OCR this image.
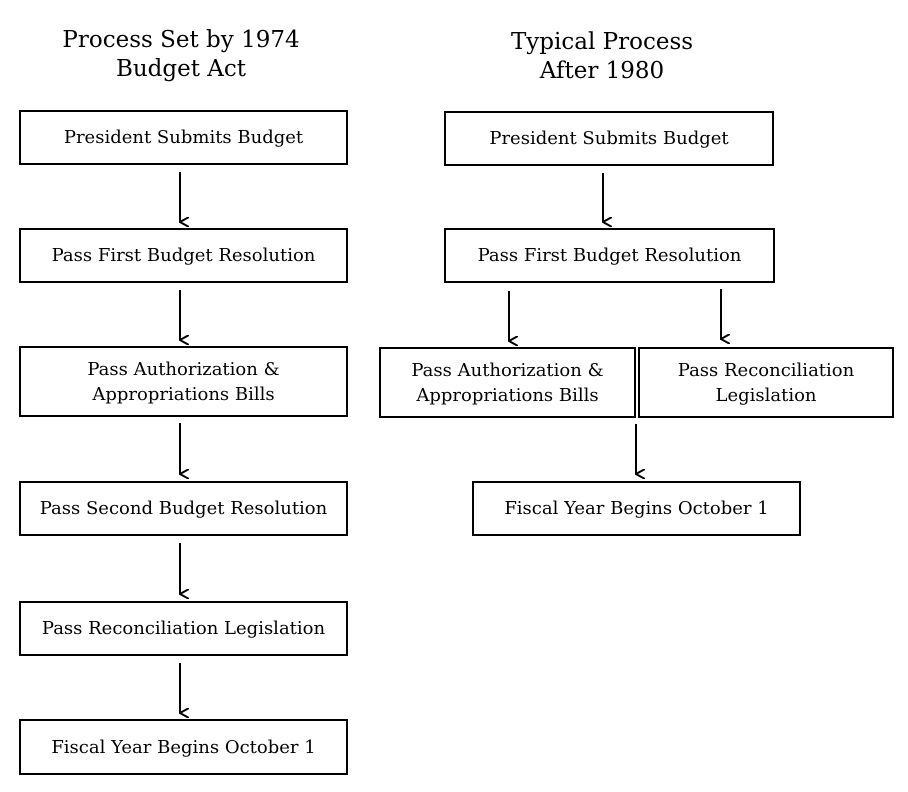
Process Set by 1974
Budget Act
Typical Process
After 1980
President Submits Budget
Pass First Budget Resolution
Pass Authorization &
Appropriations Bills
Pass Second Budget Resolution
Pass Reconciliation Legislation
Fiscal Year Begins October 1
President Submits Budget
Pass First Budget Resolution
Pass Authorization &
Appropriations Bills
Pass Reconciliation
Legislation
Fiscal Year Begins October 1
